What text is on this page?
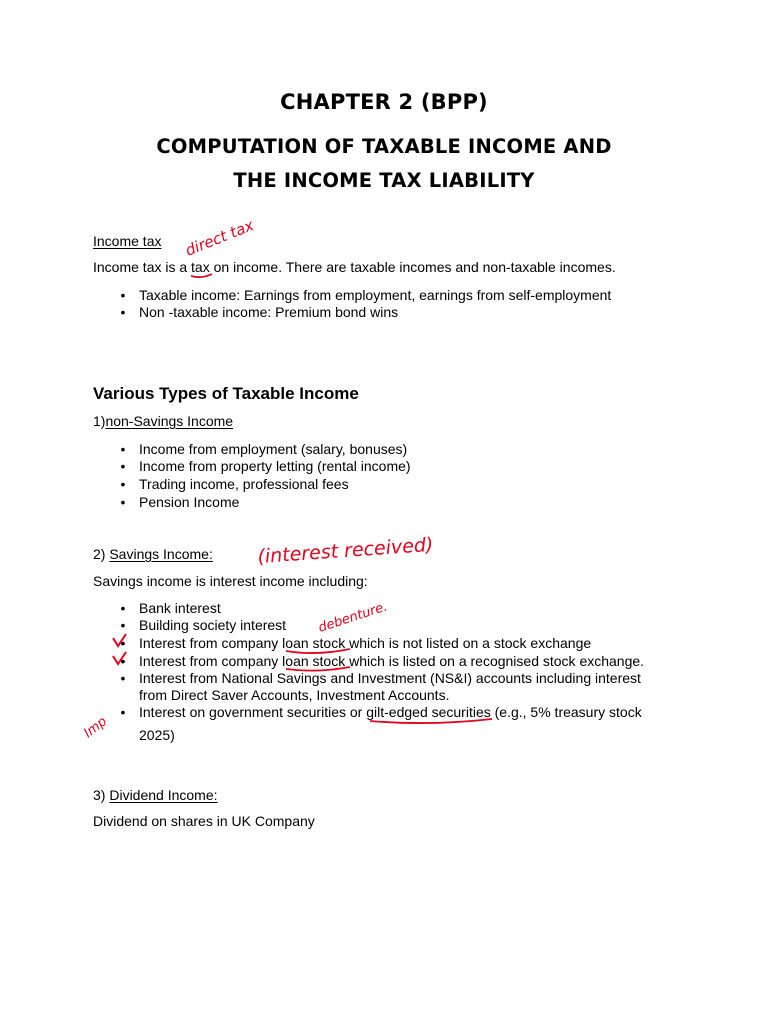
CHAPTER 2 (BPP)
COMPUTATION OF TAXABLE INCOME AND
THE INCOME TAX LIABILITY
Income tax
Income tax is a tax on income. There are taxable incomes and non-taxable incomes.
• Taxable income: Earnings from employment, earnings from self-employment
• Non -taxable income: Premium bond wins
Various Types of Taxable Income
1)non-Savings Income
• Income from employment (salary, bonuses)
• Income from property letting (rental income)
• Trading income, professional fees
• Pension Income
2) Savings Income:
Savings income is interest income including:
• Bank interest
• Building society interest
• Interest from company loan stock which is not listed on a stock exchange
• Interest from company loan stock which is listed on a recognised stock exchange.
• Interest from National Savings and Investment (NS&I) accounts including interest
from Direct Saver Accounts, Investment Accounts.
• Interest on government securities or gilt-edged securities (e.g., 5% treasury stock
2025)
3) Dividend Income:
Dividend on shares in UK Company
direct tax
(interest received)
debenture.
Imp
